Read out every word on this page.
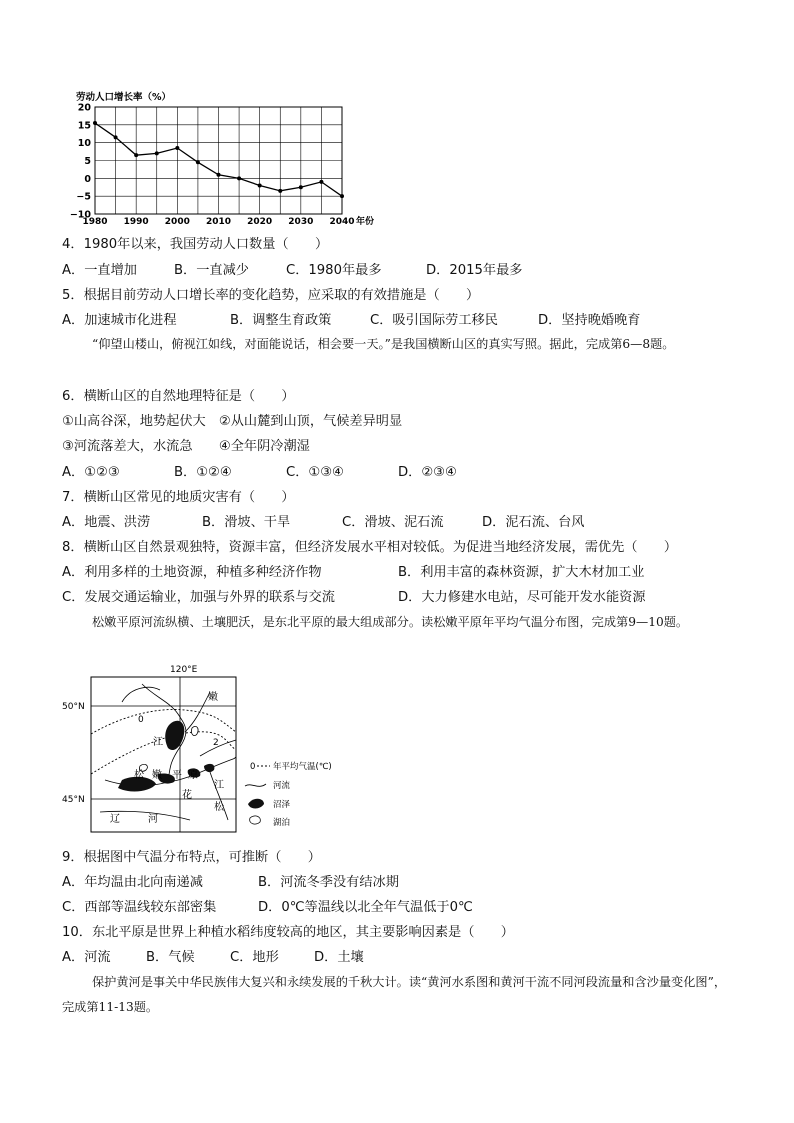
劳动人口增长率（%）
20
15
10
5
0
−5
−10
1980 1990 2000 2010 2020 2030 2040 年份
4．1980年以来，我国劳动人口数量（　　）
A．一直增加	B．一直减少	C．1980年最多	D．2015年最多
5．根据目前劳动人口增长率的变化趋势，应采取的有效措施是（　　）
A．加速城市化进程	B．调整生育政策	C．吸引国际劳工移民	D．坚持晚婚晚育
“仰望山楼山，俯视江如线，对面能说话，相会要一天。”是我国横断山区的真实写照。据此，完成第6—8题。
6．横断山区的自然地理特征是（　　）
①山高谷深，地势起伏大　②从山麓到山顶，气候差异明显
③河流落差大，水流急　　④全年阴冷潮湿
A．①②③	B．①②④	C．①③④	D．②③④
7．横断山区常见的地质灾害有（　　）
A．地震、洪涝	B．滑坡、干旱	C．滑坡、泥石流	D．泥石流、台风
8．横断山区自然景观独特，资源丰富，但经济发展水平相对较低。为促进当地经济发展，需优先（　　）
A．利用多样的土地资源，种植多种经济作物	B．利用丰富的森林资源，扩大木材加工业
C．发展交通运输业，加强与外界的联系与交流	D．大力修建水电站，尽可能开发水能资源
松嫩平原河流纵横、土壤肥沃，是东北平原的最大组成部分。读松嫩平原年平均气温分布图，完成第9—10题。
120°E
50°N
45°N
0
2
嫩
江
松 嫩 平 原
江
花
松
辽	河
0 年平均气温(℃)
河流
沼泽
湖泊
9．根据图中气温分布特点，可推断（　　）
A．年均温由北向南递减	B．河流冬季没有结冰期
C．西部等温线较东部密集	D．0℃等温线以北全年气温低于0℃
10．东北平原是世界上种植水稻纬度较高的地区，其主要影响因素是（　　）
A．河流	B．气候	C．地形	D．土壤
保护黄河是事关中华民族伟大复兴和永续发展的千秋大计。读“黄河水系图和黄河干流不同河段流量和含沙量变化图”，完成第11-13题。
